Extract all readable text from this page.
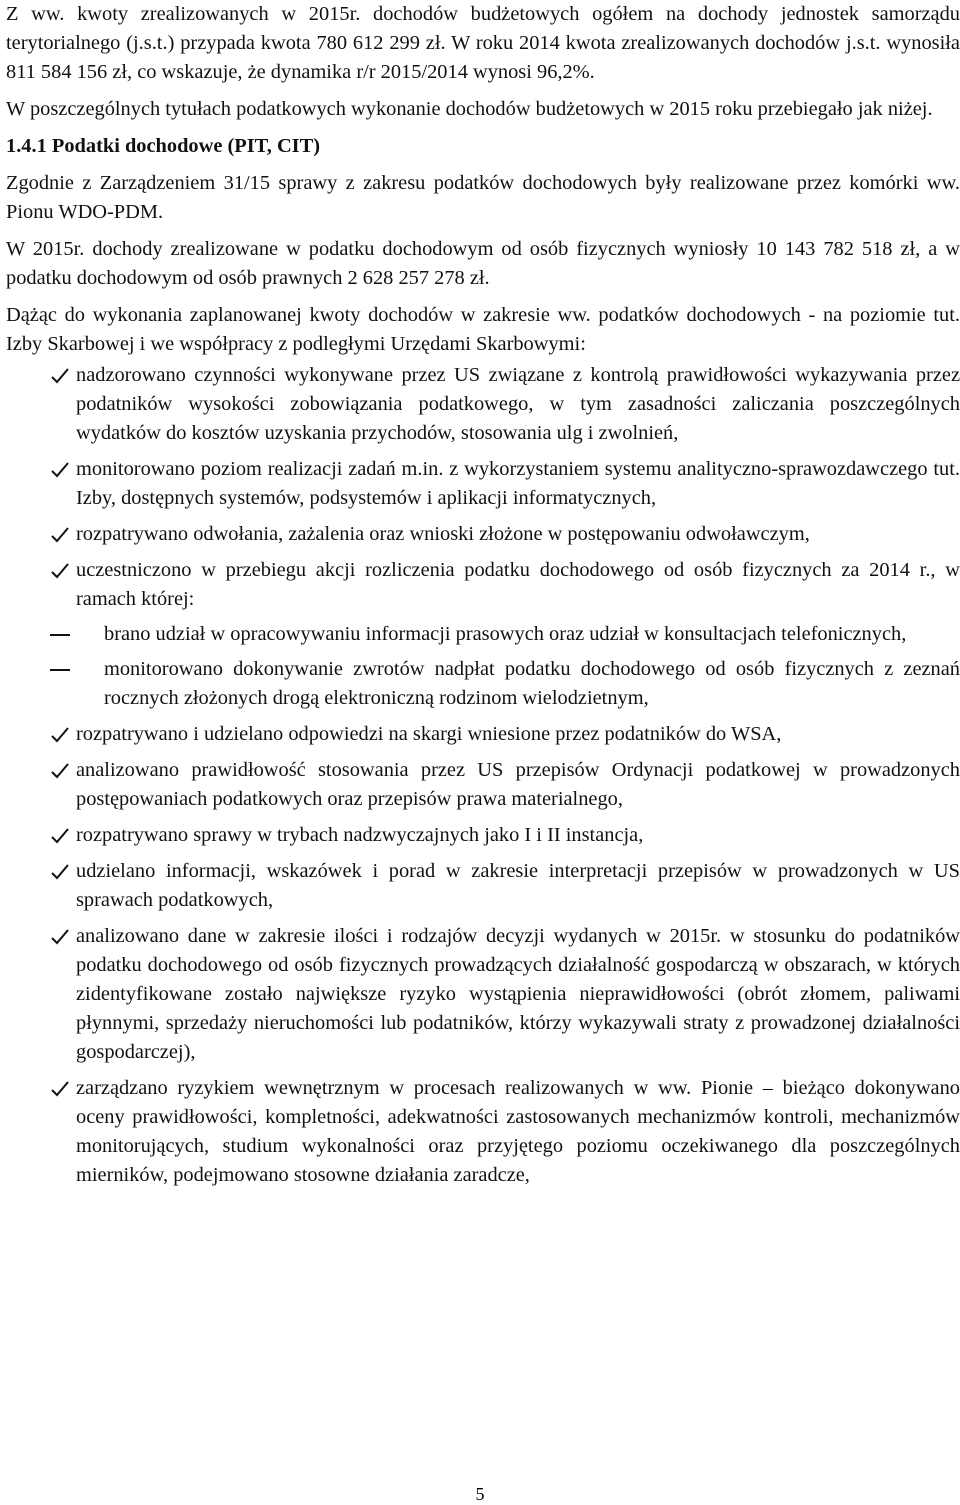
Z ww. kwoty zrealizowanych w 2015r. dochodów budżetowych ogółem na dochody jednostek samorządu terytorialnego (j.s.t.) przypada kwota 780 612 299 zł. W roku 2014 kwota zrealizowanych dochodów j.s.t. wynosiła 811 584 156 zł, co wskazuje, że dynamika r/r 2015/2014 wynosi 96,2%.

W poszczególnych tytułach podatkowych wykonanie dochodów budżetowych w 2015 roku przebiegało jak niżej.

1.4.1 Podatki dochodowe (PIT, CIT)

Zgodnie z Zarządzeniem 31/15 sprawy z zakresu podatków dochodowych były realizowane przez komórki ww. Pionu WDO-PDM.

W 2015r. dochody zrealizowane w podatku dochodowym od osób fizycznych wyniosły 10 143 782 518 zł, a w podatku dochodowym od osób prawnych 2 628 257 278 zł.

Dążąc do wykonania zaplanowanej kwoty dochodów w zakresie ww. podatków dochodowych - na poziomie tut. Izby Skarbowej i we współpracy z podległymi Urzędami Skarbowymi:

nadzorowano czynności wykonywane przez US związane z kontrolą prawidłowości wykazywania przez podatników wysokości zobowiązania podatkowego, w tym zasadności zaliczania poszczególnych wydatków do kosztów uzyskania przychodów, stosowania ulg i zwolnień,
monitorowano poziom realizacji zadań m.in. z wykorzystaniem systemu analityczno-sprawozdawczego tut. Izby, dostępnych systemów, podsystemów i aplikacji informatycznych,
rozpatrywano odwołania, zażalenia oraz wnioski złożone w postępowaniu odwoławczym,
uczestniczono w przebiegu akcji rozliczenia podatku dochodowego od osób fizycznych za 2014 r., w ramach której:
brano udział w opracowywaniu informacji prasowych oraz udział w konsultacjach telefonicznych,
monitorowano dokonywanie zwrotów nadpłat podatku dochodowego od osób fizycznych z zeznań rocznych złożonych drogą elektroniczną rodzinom wielodzietnym,
rozpatrywano i udzielano odpowiedzi na skargi wniesione przez podatników do WSA,
analizowano prawidłowość stosowania przez US przepisów Ordynacji podatkowej w prowadzonych postępowaniach podatkowych oraz przepisów prawa materialnego,
rozpatrywano sprawy w trybach nadzwyczajnych jako I i II instancja,
udzielano informacji, wskazówek i porad w zakresie interpretacji przepisów w prowadzonych w US sprawach podatkowych,
analizowano dane w zakresie ilości i rodzajów decyzji wydanych w 2015r. w stosunku do podatników podatku dochodowego od osób fizycznych prowadzących działalność gospodarczą w obszarach, w których zidentyfikowane zostało największe ryzyko wystąpienia nieprawidłowości (obrót złomem, paliwami płynnymi, sprzedaży nieruchomości lub podatników, którzy wykazywali straty z prowadzonej działalności gospodarczej),
zarządzano ryzykiem wewnętrznym w procesach realizowanych w ww. Pionie – bieżąco dokonywano oceny prawidłowości, kompletności, adekwatności zastosowanych mechanizmów kontroli, mechanizmów monitorujących, studium wykonalności oraz przyjętego poziomu oczekiwanego dla poszczególnych mierników, podejmowano stosowne działania zaradcze,
5
